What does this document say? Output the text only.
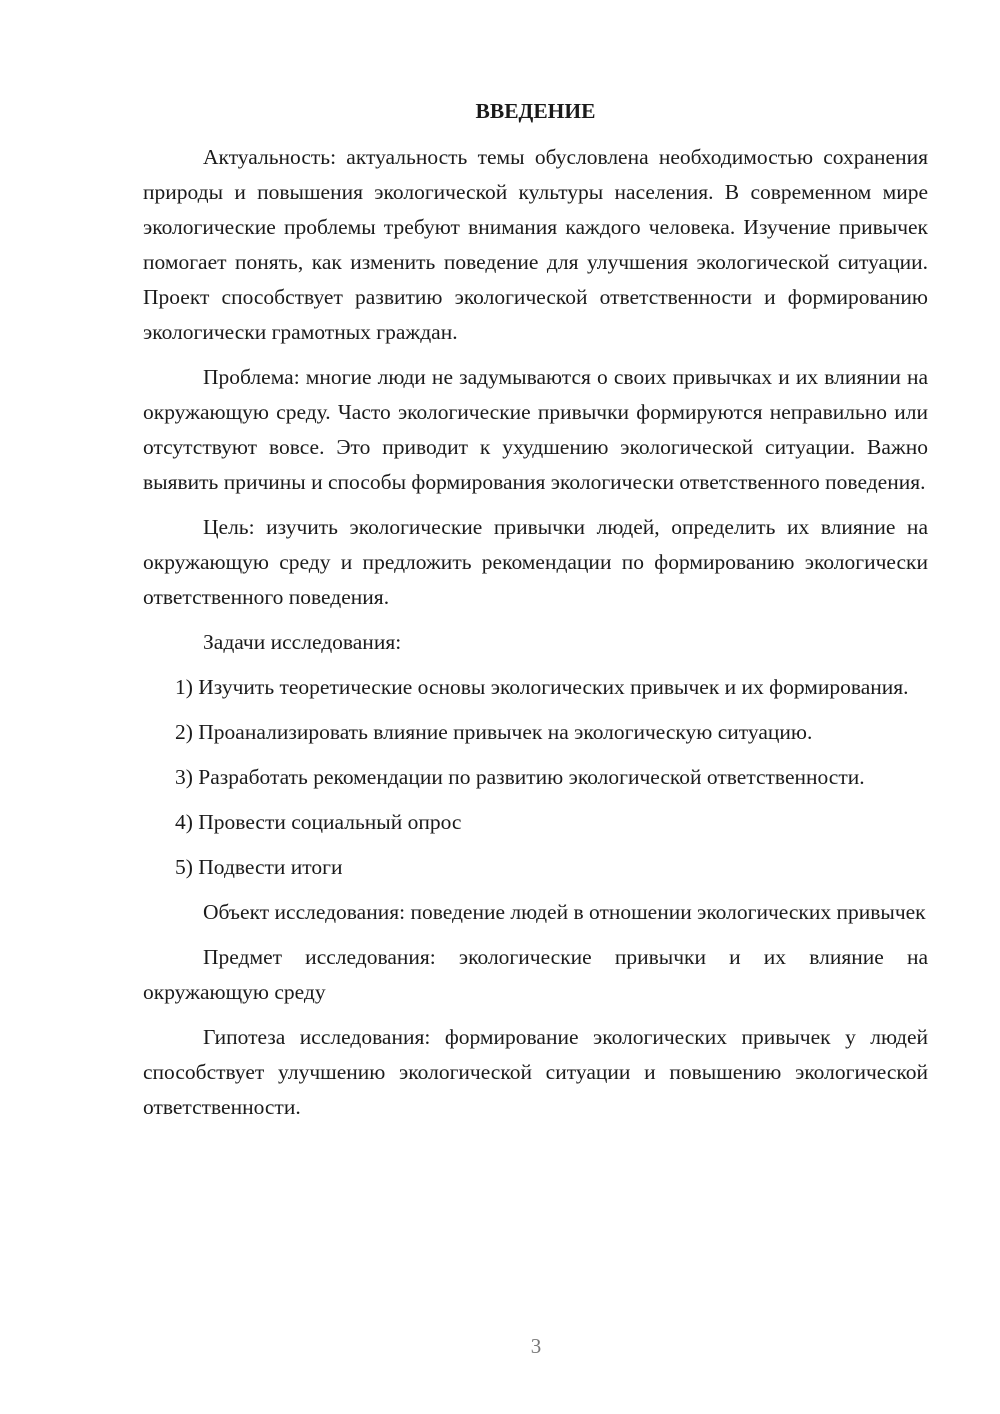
ВВЕДЕНИЕ

Актуальность: актуальность темы обусловлена необходимостью сохранения природы и повышения экологической культуры населения. В современном мире экологические проблемы требуют внимания каждого человека. Изучение привычек помогает понять, как изменить поведение для улучшения экологической ситуации. Проект способствует развитию экологической ответственности и формированию экологически грамотных граждан.

Проблема: многие люди не задумываются о своих привычках и их влиянии на окружающую среду. Часто экологические привычки формируются неправильно или отсутствуют вовсе. Это приводит к ухудшению экологической ситуации. Важно выявить причины и способы формирования экологически ответственного поведения.

Цель: изучить экологические привычки людей, определить их влияние на окружающую среду и предложить рекомендации по формированию экологически ответственного поведения.

Задачи исследования:

1) Изучить теоретические основы экологических привычек и их формирования.

2) Проанализировать влияние привычек на экологическую ситуацию.

3) Разработать рекомендации по развитию экологической ответственности.

4) Провести социальный опрос

5) Подвести итоги

Объект исследования: поведение людей в отношении экологических привычек

Предмет исследования: экологические привычки и их влияние на окружающую среду

Гипотеза исследования: формирование экологических привычек у людей способствует улучшению экологической ситуации и повышению экологической ответственности.

3
